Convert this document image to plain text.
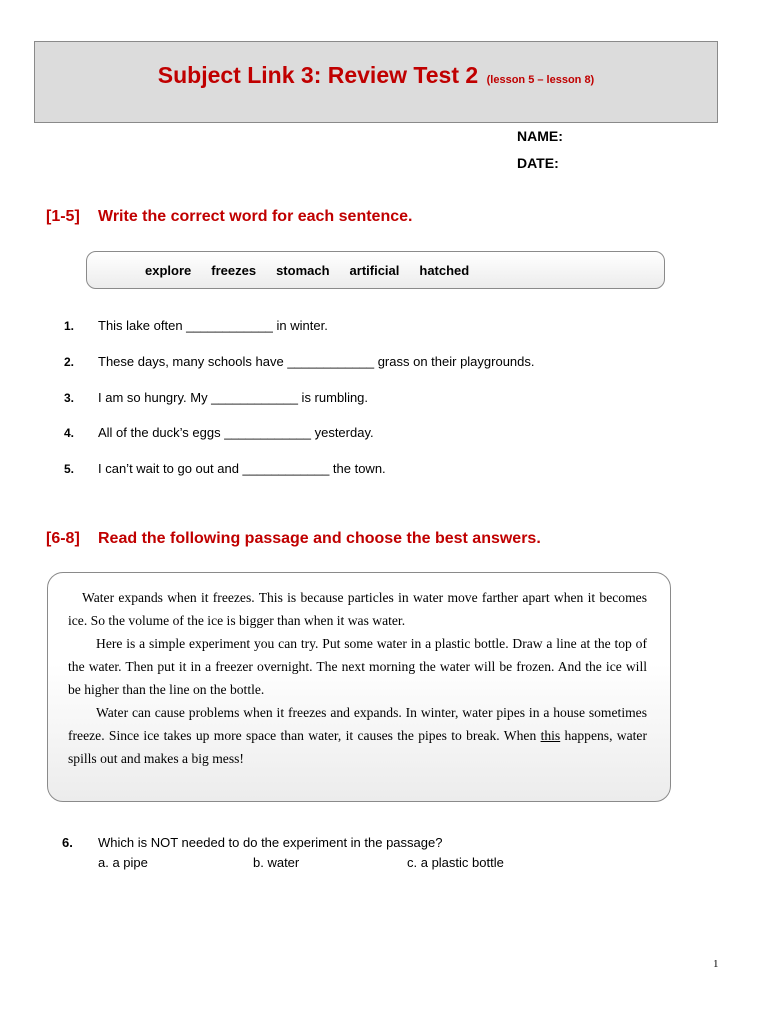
Subject Link 3: Review Test 2 (lesson 5 – lesson 8)
NAME:
DATE:
[1-5] Write the correct word for each sentence.
explore freezes stomach artificial hatched
1. This lake often ____________ in winter.
2. These days, many schools have ____________ grass on their playgrounds.
3. I am so hungry. My ____________ is rumbling.
4. All of the duck’s eggs ____________ yesterday.
5. I can’t wait to go out and ____________ the town.
[6-8] Read the following passage and choose the best answers.

Water expands when it freezes. This is because particles in water move farther apart when it becomes ice. So the volume of the ice is bigger than when it was water.

Here is a simple experiment you can try. Put some water in a plastic bottle. Draw a line at the top of the water. Then put it in a freezer overnight. The next morning the water will be frozen. And the ice will be higher than the line on the bottle.

Water can cause problems when it freezes and expands. In winter, water pipes in a house sometimes freeze. Since ice takes up more space than water, it causes the pipes to break. When this happens, water spills out and makes a big mess!

6. Which is NOT needed to do the experiment in the passage?
a. a pipe	b. water	c. a plastic bottle
1
